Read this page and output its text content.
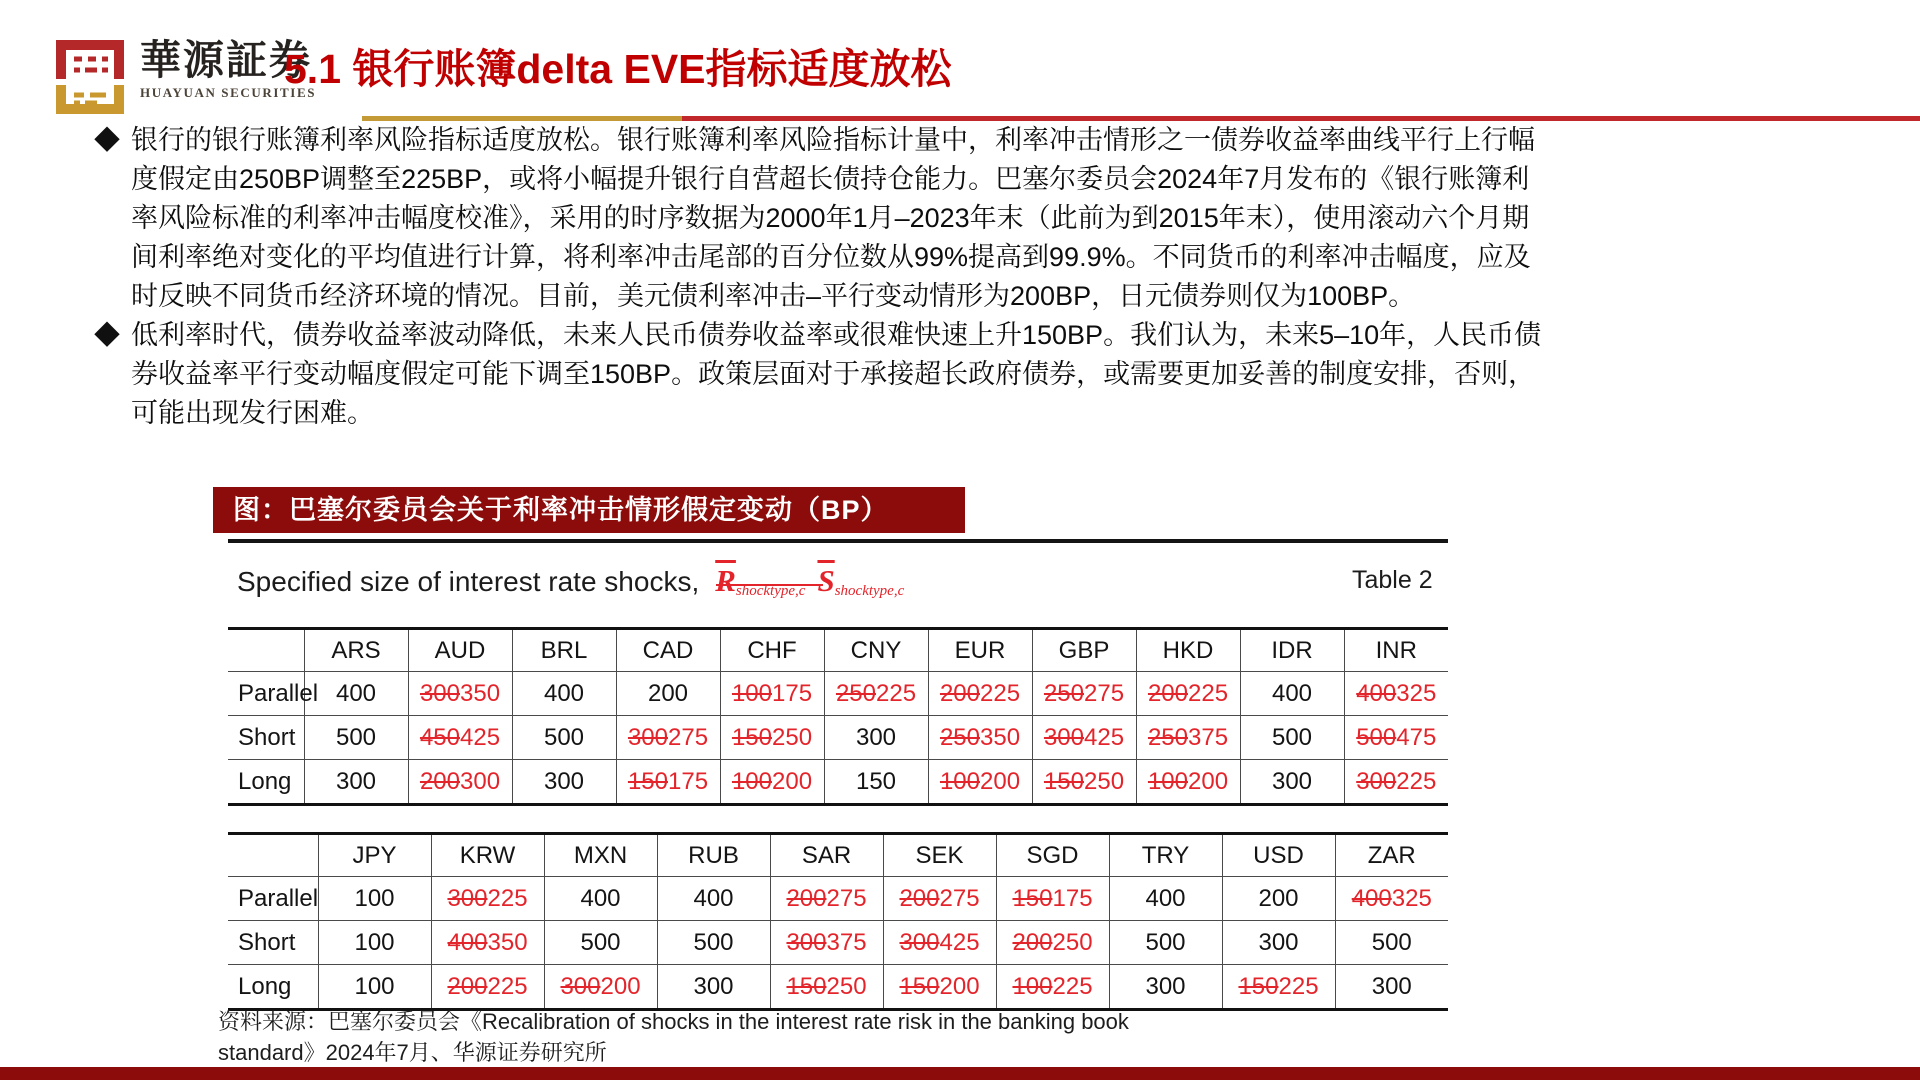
華源証券
HUAYUAN SECURITIES
5.1 银行账簿delta EVE指标适度放松
◆ 银行的银行账簿利率风险指标适度放松。银行账簿利率风险指标计量中，利率冲击情形之一债券收益率曲线平行上行幅度假定由250BP调整至225BP，或将小幅提升银行自营超长债持仓能力。巴塞尔委员会2024年7月发布的《银行账簿利率风险标准的利率冲击幅度校准》，采用的时序数据为2000年1月–2023年末（此前为到2015年末），使用滚动六个月期间利率绝对变化的平均值进行计算，将利率冲击尾部的百分位数从99%提高到99.9%。不同货币的利率冲击幅度，应及时反映不同货币经济环境的情况。目前，美元债利率冲击–平行变动情形为200BP，日元债券则仅为100BP。

◆ 低利率时代，债券收益率波动降低，未来人民币债券收益率或很难快速上升150BP。我们认为，未来5–10年，人民币债券收益率平行变动幅度假定可能下调至150BP。政策层面对于承接超长政府债券，或需要更加妥善的制度安排，否则，可能出现发行困难。

图：巴塞尔委员会关于利率冲击情形假定变动（BP）
Specified size of interest rate shocks, $\overline{R}_{shocktype,c}$ $\overline{S}_{shocktype,c}$	Table 2
	ARS	AUD	BRL	CAD	CHF	CNY	EUR	GBP	HKD	IDR	INR
Parallel	400	300350	400	200	100175	250225	200225	250275	200225	400	400325
Short	500	450425	500	300275	150250	300	250350	300425	250375	500	500475
Long	300	200300	300	150175	100200	150	100200	150250	100200	300	300225
	JPY	KRW	MXN	RUB	SAR	SEK	SGD	TRY	USD	ZAR
Parallel	100	300225	400	400	200275	200275	150175	400	200	400325
Short	100	400350	500	500	300375	300425	200250	500	300	500
Long	100	200225	300200	300	150250	150200	100225	300	150225	300
资料来源：巴塞尔委员会《Recalibration of shocks in the interest rate risk in the banking book
standard》2024年7月、华源证券研究所
